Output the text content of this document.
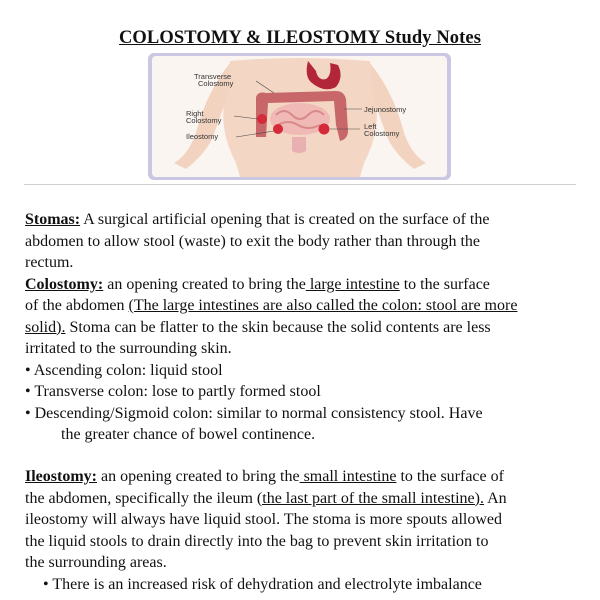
COLOSTOMY & ILEOSTOMY Study Notes
Transverse
Colostomy
Right
Colostomy
Ileostomy
Jejunostomy
Left
Colostomy
Stomas: A surgical artificial opening that is created on the surface of the
abdomen to allow stool (waste) to exit the body rather than through the
rectum.
Colostomy: an opening created to bring the large intestine to the surface
of the abdomen (The large intestines are also called the colon: stool are more
solid). Stoma can be flatter to the skin because the solid contents are less
irritated to the surrounding skin.
• Ascending colon: liquid stool
• Transverse colon: lose to partly formed stool
• Descending/Sigmoid colon: similar to normal consistency stool. Have
the greater chance of bowel continence.
Ileostomy: an opening created to bring the small intestine to the surface of
the abdomen, specifically the ileum (the last part of the small intestine). An
ileostomy will always have liquid stool. The stoma is more spouts allowed
the liquid stools to drain directly into the bag to prevent skin irritation to
the surrounding areas.
• There is an increased risk of dehydration and electrolyte imbalance
